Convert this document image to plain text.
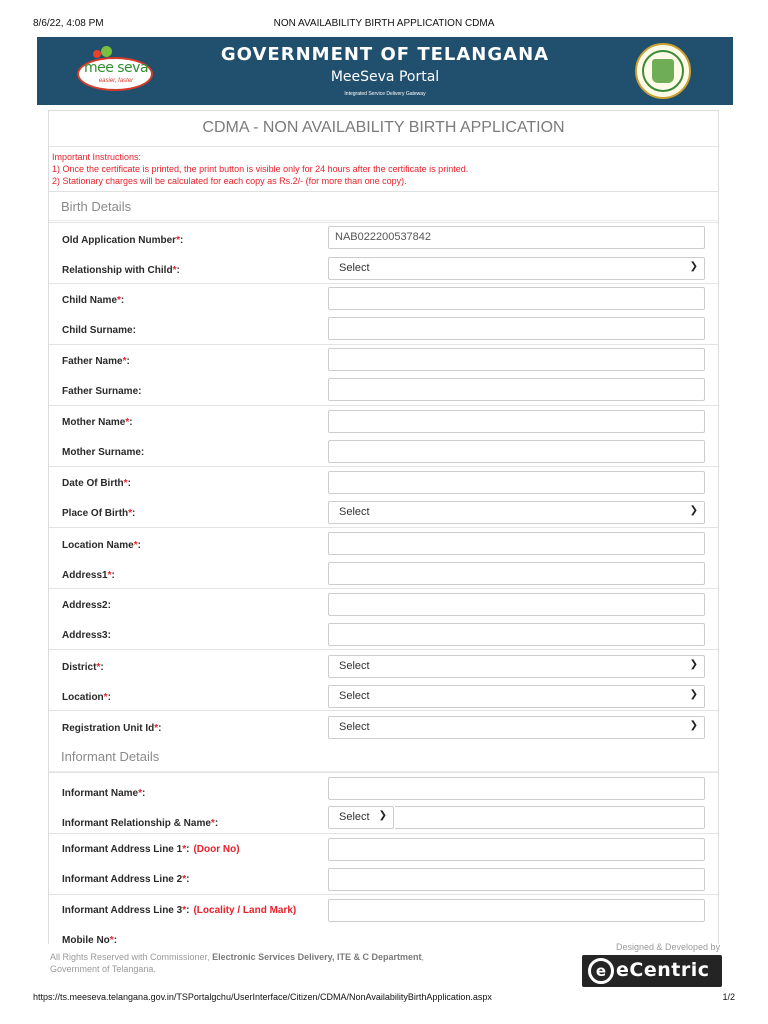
8/6/22, 4:08 PM	NON AVAILABILITY BIRTH APPLICATION CDMA
mee seva
easier, faster
GOVERNMENT OF TELANGANA
MeeSeva Portal
Integrated Service Delivery Gateway
CDMA - NON AVAILABILITY BIRTH APPLICATION
Important Instructions:
1) Once the certificate is printed, the print button is visible only for 24 hours after the certificate is printed.
2) Stationary charges will be calculated for each copy as Rs.2/- (for more than one copy).
Birth Details
Old Application Number*:	NAB022200537842
Relationship with Child*:	Select	❯
Child Name*:
Child Surname:
Father Name*:
Father Surname:
Mother Name*:
Mother Surname:
Date Of Birth*:
Place Of Birth*:	Select	❯
Location Name*:
Address1*:
Address2:
Address3:
District*:	Select	❯
Location*:	Select	❯
Registration Unit Id*:	Select	❯
Informant Details
Informant Name*:
Informant Relationship & Name*:
Select ❯
Informant Address Line 1*: (Door No)
Informant Address Line 2*:
Informant Address Line 3*: (Locality / Land Mark)
Mobile No*:
All Rights Reserved with Commissioner, Electronic Services Delivery, ITE & C Department,
Government of Telangana.
Designed & Developed by
e eCentric
https://ts.meeseva.telangana.gov.in/TSPortalgchu/UserInterface/Citizen/CDMA/NonAvailabilityBirthApplication.aspx	1/2
